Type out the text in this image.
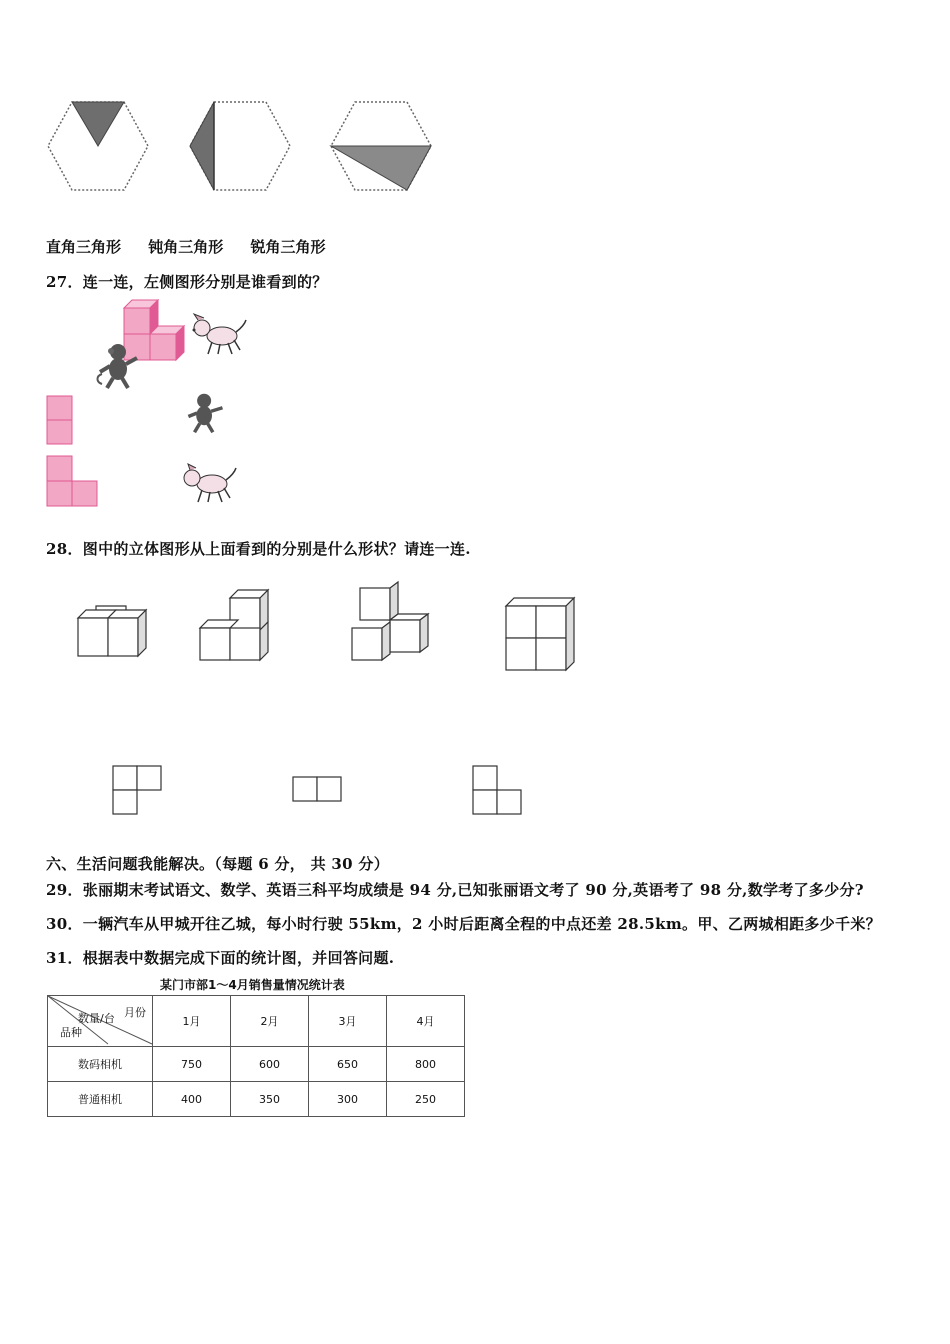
直角三角形 钝角三角形 锐角三角形
27．连一连，左侧图形分别是谁看到的？
28．图中的立体图形从上面看到的分别是什么形状？请连一连.
六、生活问题我能解决。（每题 6 分， 共 30 分）
29．张丽期末考试语文、数学、英语三科平均成绩是 94 分,已知张丽语文考了 90 分,英语考了 98 分,数学考了多少分?
30．一辆汽车从甲城开往乙城，每小时行驶 55km，2 小时后距离全程的中点还差 28.5km。甲、乙两城相距多少千米？
31．根据表中数据完成下面的统计图，并回答问题.
某门市部1～4月销售量情况统计表
月份
数量/台
品种	1月	2月	3月	4月
数码相机	750	600	650	800
普通相机	400	350	300	250
